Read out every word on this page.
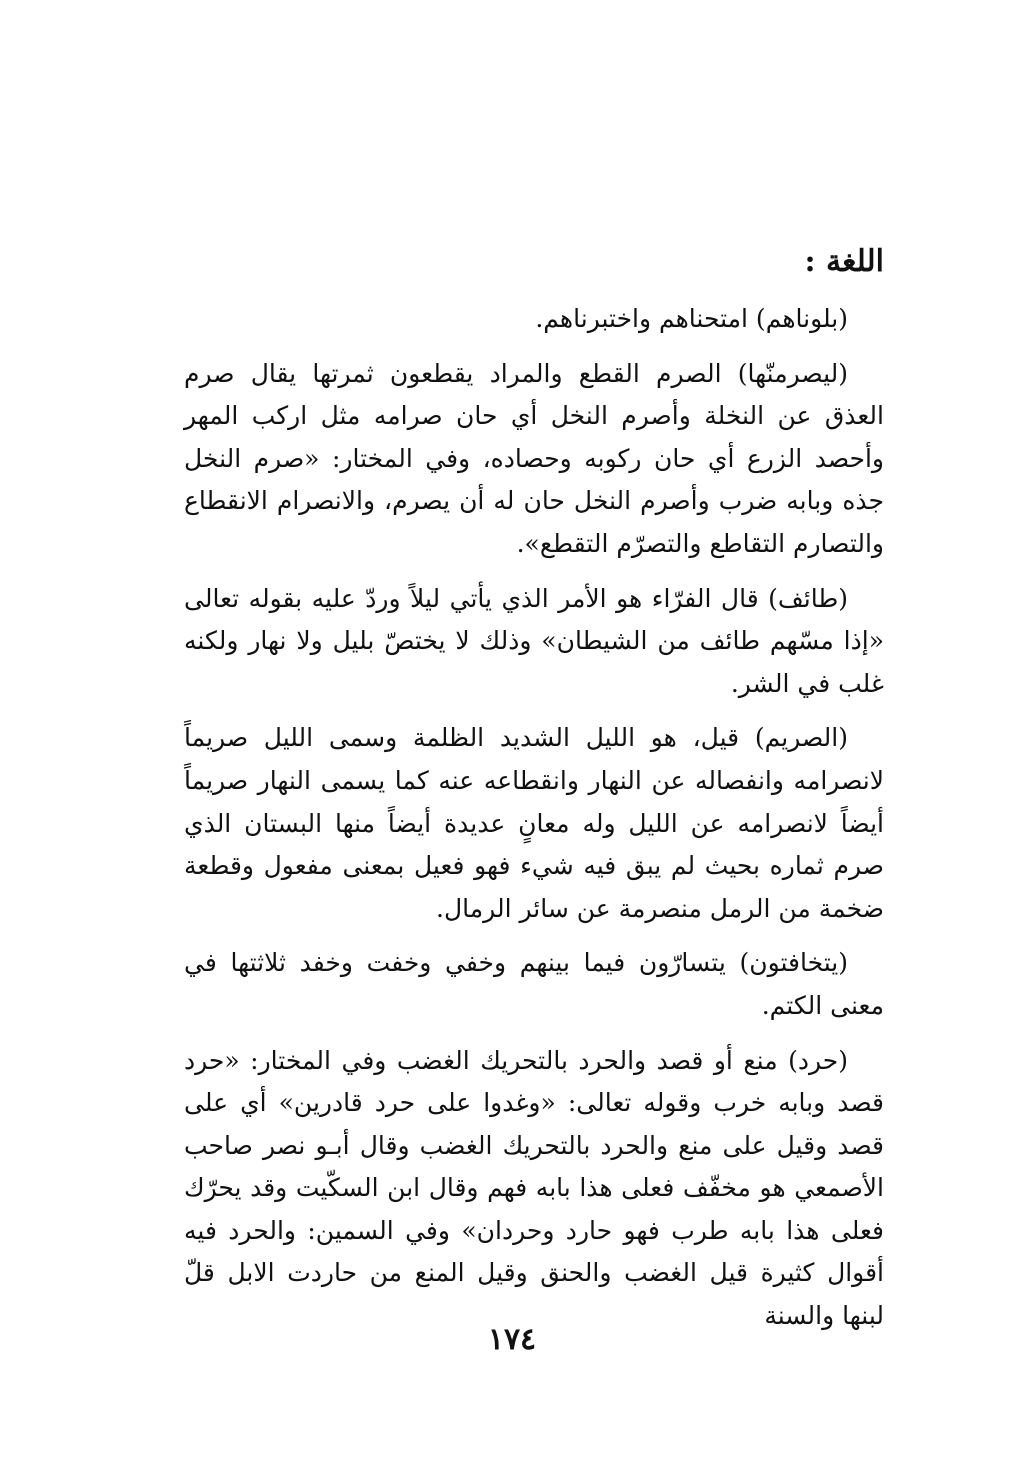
اللغة :

(بلوناهم) امتحناهم واختبرناهم.

(ليصرمنّها) الصرم القطع والمراد يقطعون ثمرتها يقال صرم العذق عن النخلة وأصرم النخل أي حان صرامه مثل اركب المهر وأحصد الزرع أي حان ركوبه وحصاده، وفي المختار: «صرم النخل جذه وبابه ضرب وأصرم النخل حان له أن يصرم، والانصرام الانقطاع والتصارم التقاطع والتصرّم التقطع».

(طائف) قال الفرّاء هو الأمر الذي يأتي ليلاً وردّ عليه بقوله تعالى «إذا مسّهم طائف من الشيطان» وذلك لا يختصّ بليل ولا نهار ولكنه غلب في الشر.

(الصريم) قيل، هو الليل الشديد الظلمة وسمى الليل صريماً لانصرامه وانفصاله عن النهار وانقطاعه عنه كما يسمى النهار صريماً أيضاً لانصرامه عن الليل وله معانٍ عديدة أيضاً منها البستان الذي صرم ثماره بحيث لم يبق فيه شيء فهو فعيل بمعنى مفعول وقطعة ضخمة من الرمل منصرمة عن سائر الرمال.

(يتخافتون) يتسارّون فيما بينهم وخفي وخفت وخفد ثلاثتها في معنى الكتم.

(حرد) منع أو قصد والحرد بالتحريك الغضب وفي المختار: «حرد قصد وبابه خرب وقوله تعالى: «وغدوا على حرد قادرين» أي على قصد وقيل على منع والحرد بالتحريك الغضب وقال أبـو نصر صاحب الأصمعي هو مخفّف فعلى هذا بابه فهم وقال ابن السكّيت وقد يحرّك فعلى هذا بابه طرب فهو حارد وحردان» وفي السمين: والحرد فيه أقوال كثيرة قيل الغضب والحنق وقيل المنع من حاردت الابل قلّ لبنها والسنة

١٧٤
